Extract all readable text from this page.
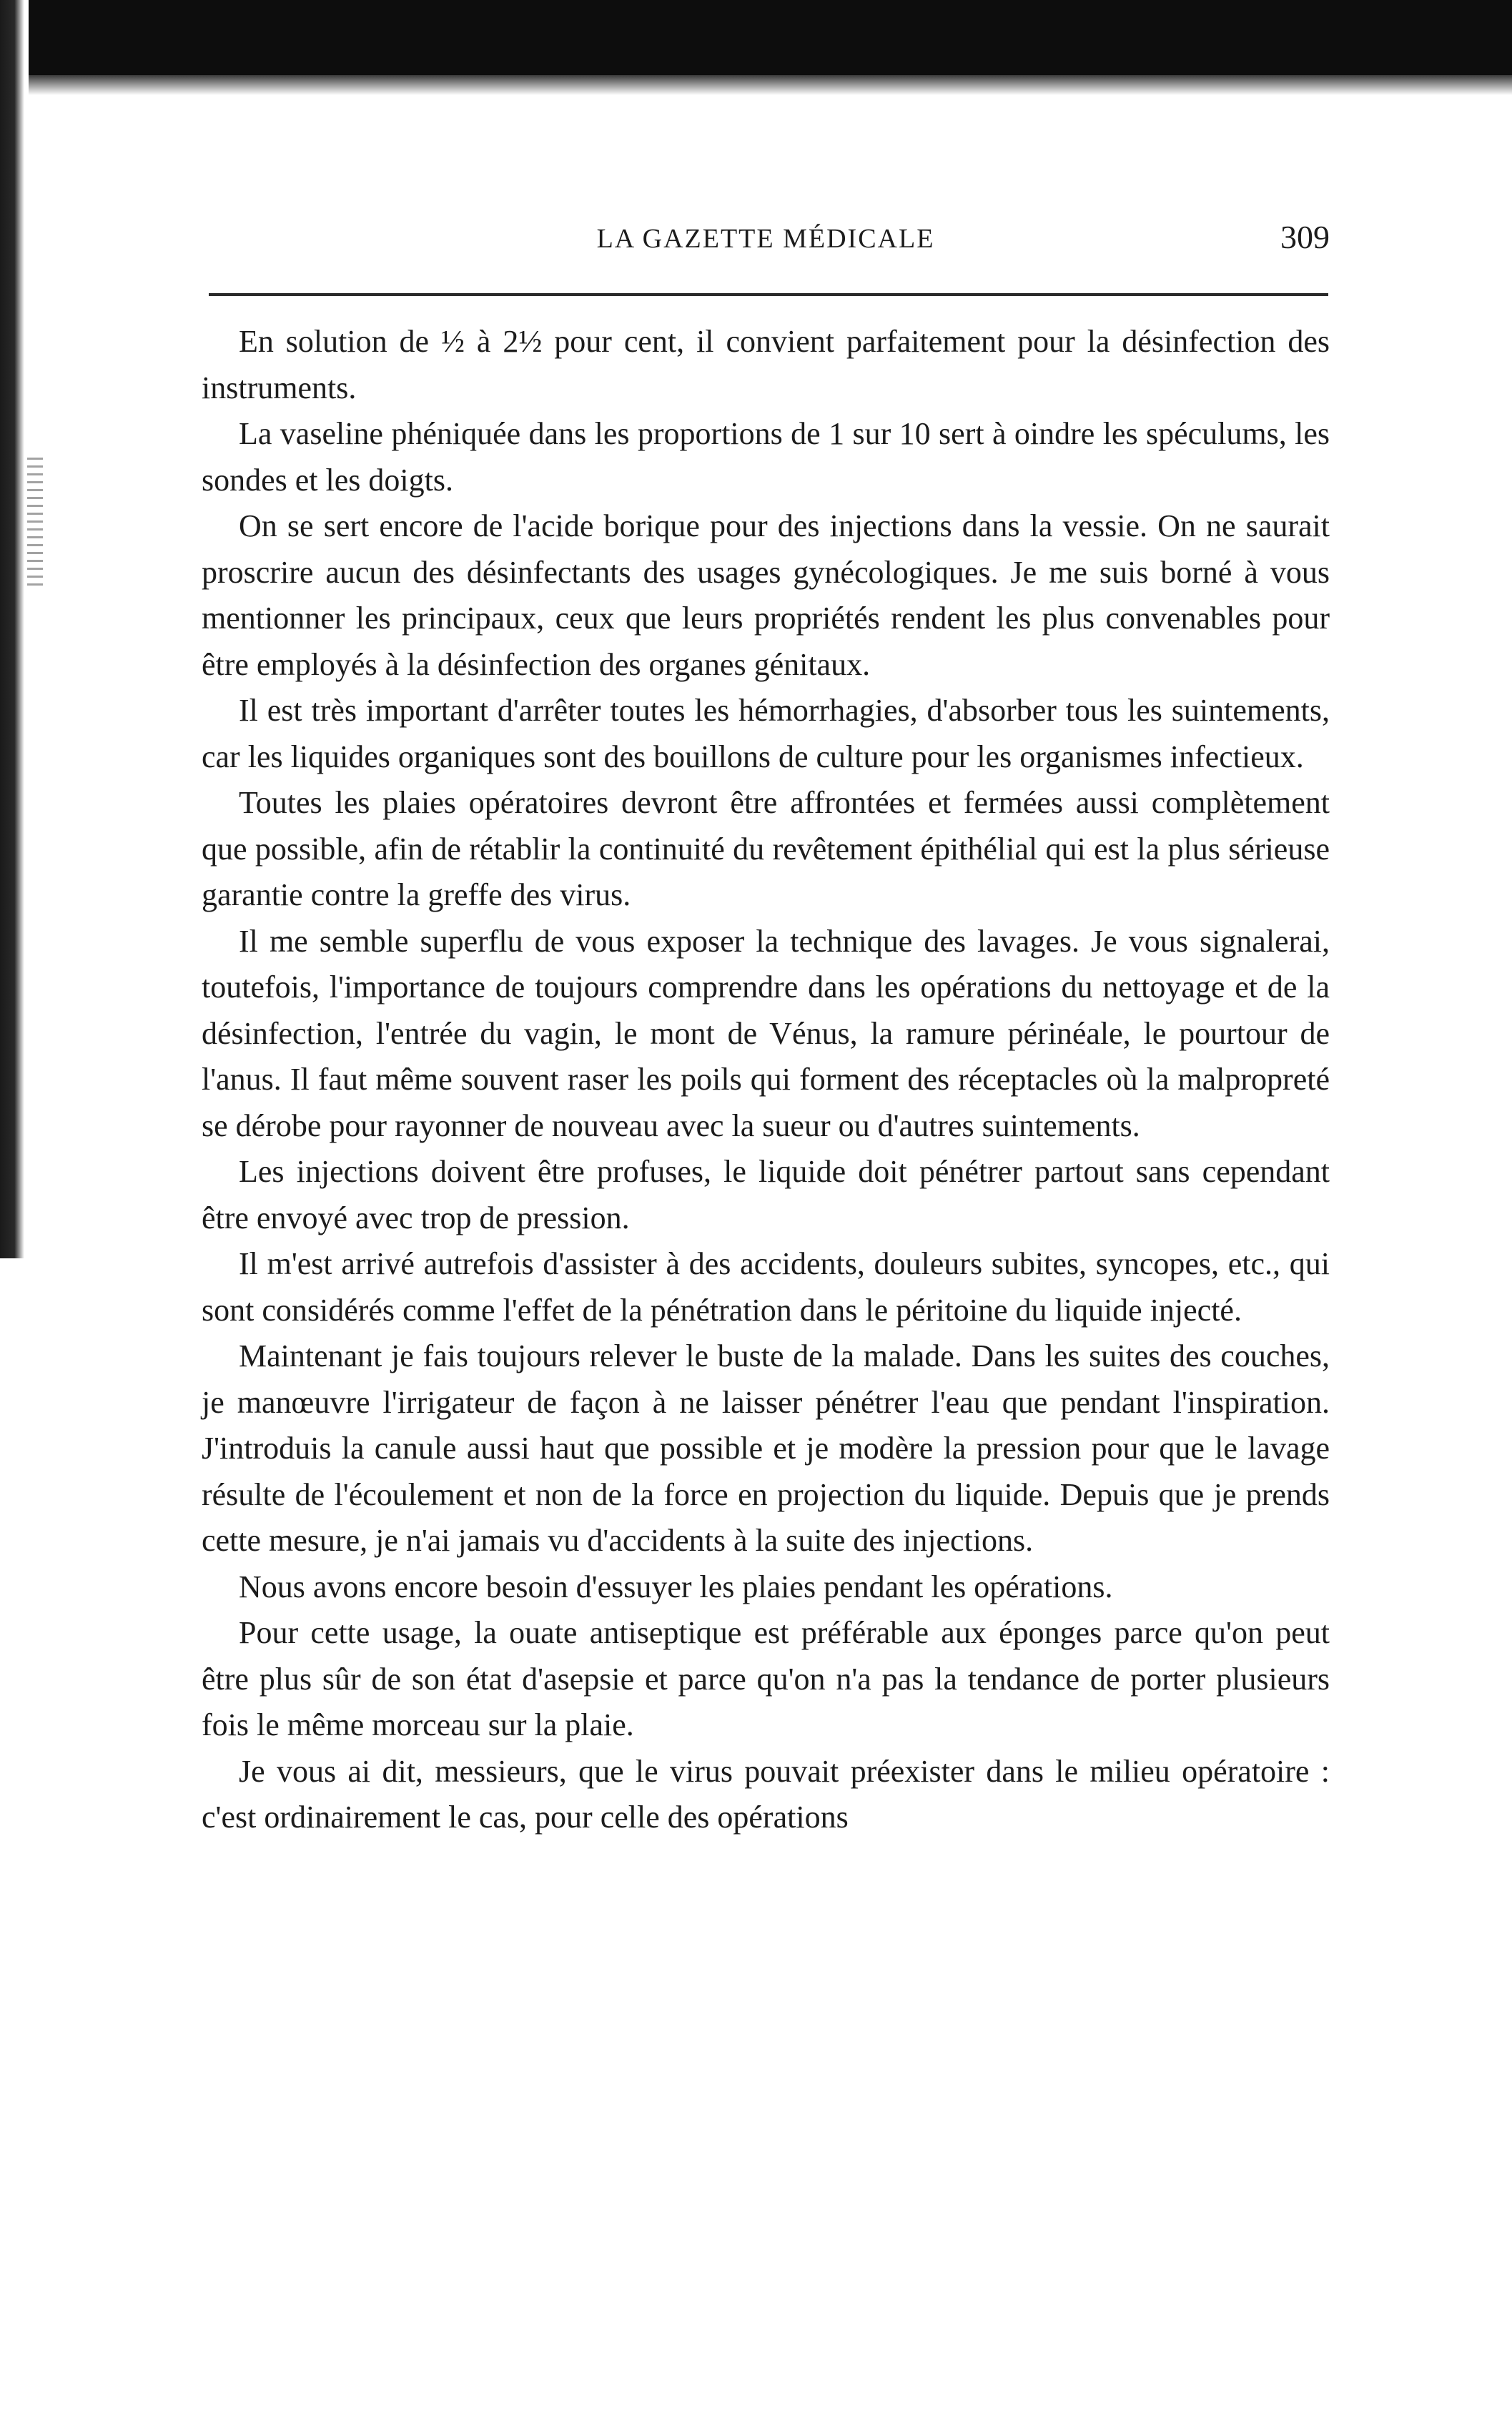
LA GAZETTE MÉDICALE	309

En solution de ½ à 2½ pour cent, il convient parfaitement pour la désinfection des instruments.

La vaseline phéniquée dans les proportions de 1 sur 10 sert à oindre les spéculums, les sondes et les doigts.

On se sert encore de l'acide borique pour des injections dans la vessie. On ne saurait proscrire aucun des désinfectants des usages gynécologiques. Je me suis borné à vous mentionner les principaux, ceux que leurs propriétés rendent les plus convenables pour être employés à la désinfection des organes génitaux.

Il est très important d'arrêter toutes les hémorrhagies, d'absorber tous les suintements, car les liquides organiques sont des bouillons de culture pour les organismes infectieux.

Toutes les plaies opératoires devront être affrontées et fermées aussi complètement que possible, afin de rétablir la continuité du revêtement épithélial qui est la plus sérieuse garantie contre la greffe des virus.

Il me semble superflu de vous exposer la technique des lavages. Je vous signalerai, toutefois, l'importance de toujours comprendre dans les opérations du nettoyage et de la désinfection, l'entrée du vagin, le mont de Vénus, la ramure périnéale, le pourtour de l'anus. Il faut même souvent raser les poils qui forment des réceptacles où la malpropreté se dérobe pour rayonner de nouveau avec la sueur ou d'autres suintements.

Les injections doivent être profuses, le liquide doit pénétrer partout sans cependant être envoyé avec trop de pression.

Il m'est arrivé autrefois d'assister à des accidents, douleurs subites, syncopes, etc., qui sont considérés comme l'effet de la pénétration dans le péritoine du liquide injecté.

Maintenant je fais toujours relever le buste de la malade. Dans les suites des couches, je manœuvre l'irrigateur de façon à ne laisser pénétrer l'eau que pendant l'inspiration. J'introduis la canule aussi haut que possible et je modère la pression pour que le lavage résulte de l'écoulement et non de la force en projection du liquide. Depuis que je prends cette mesure, je n'ai jamais vu d'accidents à la suite des injections.

Nous avons encore besoin d'essuyer les plaies pendant les opérations.

Pour cette usage, la ouate antiseptique est préférable aux éponges parce qu'on peut être plus sûr de son état d'asepsie et parce qu'on n'a pas la tendance de porter plusieurs fois le même morceau sur la plaie.

Je vous ai dit, messieurs, que le virus pouvait préexister dans le milieu opératoire : c'est ordinairement le cas, pour celle des opérations
